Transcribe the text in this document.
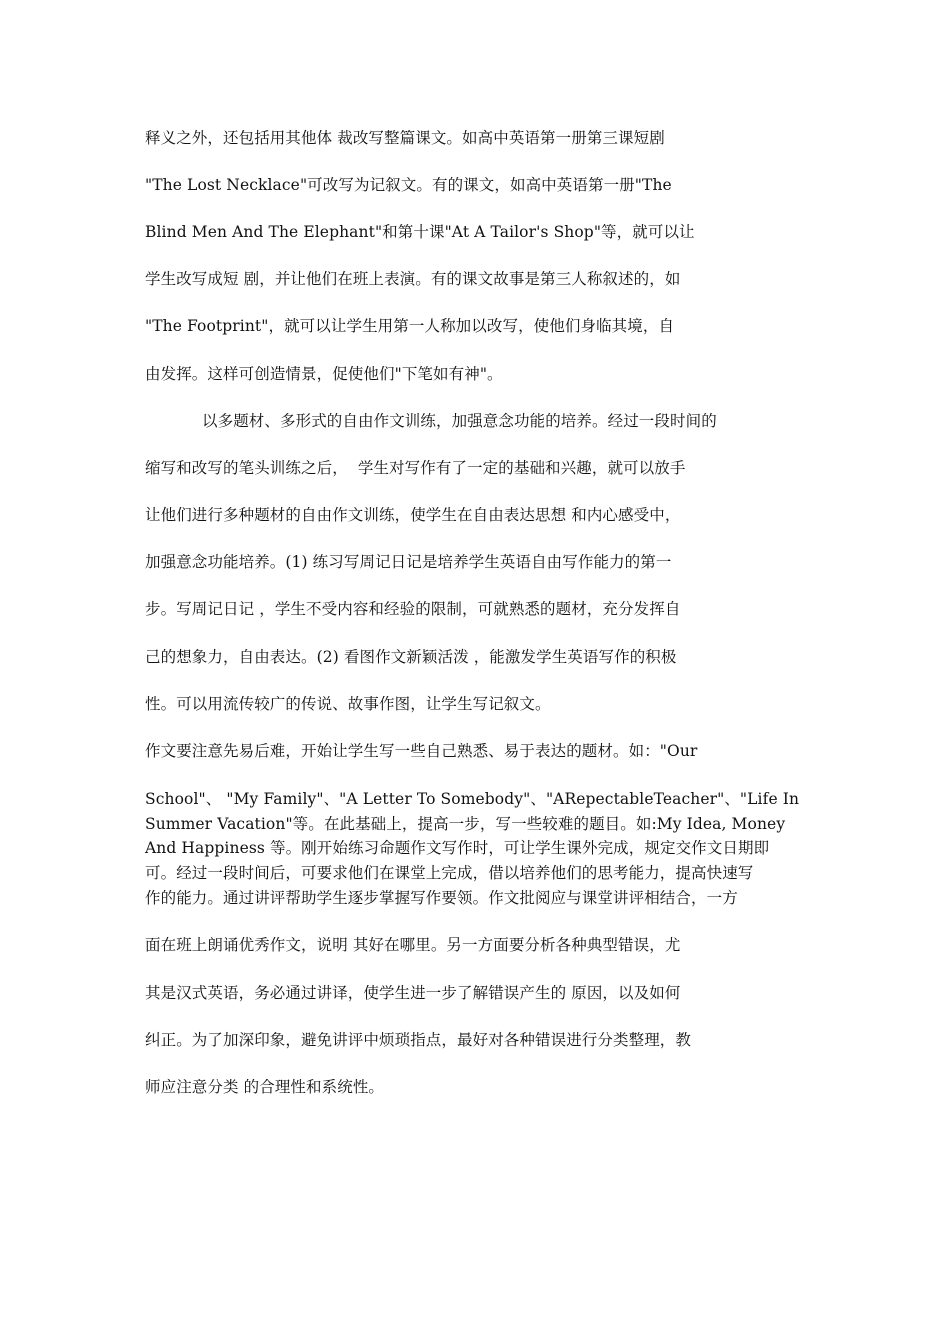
释义之外，还包括用其他体 裁改写整篇课文。如高中英语第一册第三课短剧
"The Lost Necklace"可改写为记叙文。有的课文，如高中英语第一册"The
Blind Men And The Elephant"和第十课"At A Tailor's Shop"等，就可以让
学生改写成短 剧，并让他们在班上表演。有的课文故事是第三人称叙述的，如
"The Footprint"，就可以让学生用第一人称加以改写，使他们身临其境，自
由发挥。这样可创造情景，促使他们"下笔如有神"。
以多题材、多形式的自由作文训练，加强意念功能的培养。经过一段时间的
缩写和改写的笔头训练之后，  学生对写作有了一定的基础和兴趣，就可以放手
让他们进行多种题材的自由作文训练，使学生在自由表达思想 和内心感受中，
加强意念功能培养。(1) 练习写周记日记是培养学生英语自由写作能力的第一
步。写周记日记 ，学生不受内容和经验的限制，可就熟悉的题材，充分发挥自
己的想象力，自由表达。(2) 看图作文新颖活泼 ，能激发学生英语写作的积极
性。可以用流传较广的传说、故事作图，让学生写记叙文。
作文要注意先易后难，开始让学生写一些自己熟悉、易于表达的题材。如："Our
School"、 "My Family"、"A Letter To Somebody"、"ARepectableTeacher"、"Life In
Summer Vacation"等。在此基础上，提高一步，写一些较难的题目。如:My Idea, Money
And Happiness 等。刚开始练习命题作文写作时，可让学生课外完成，规定交作文日期即
可。经过一段时间后，可要求他们在课堂上完成，借以培养他们的思考能力，提高快速写
作的能力。通过讲评帮助学生逐步掌握写作要领。作文批阅应与课堂讲评相结合，一方
面在班上朗诵优秀作文，说明 其好在哪里。另一方面要分析各种典型错误，尤
其是汉式英语，务必通过讲译，使学生进一步了解错误产生的 原因，以及如何
纠正。为了加深印象，避免讲评中烦琐指点，最好对各种错误进行分类整理，教
师应注意分类 的合理性和系统性。
